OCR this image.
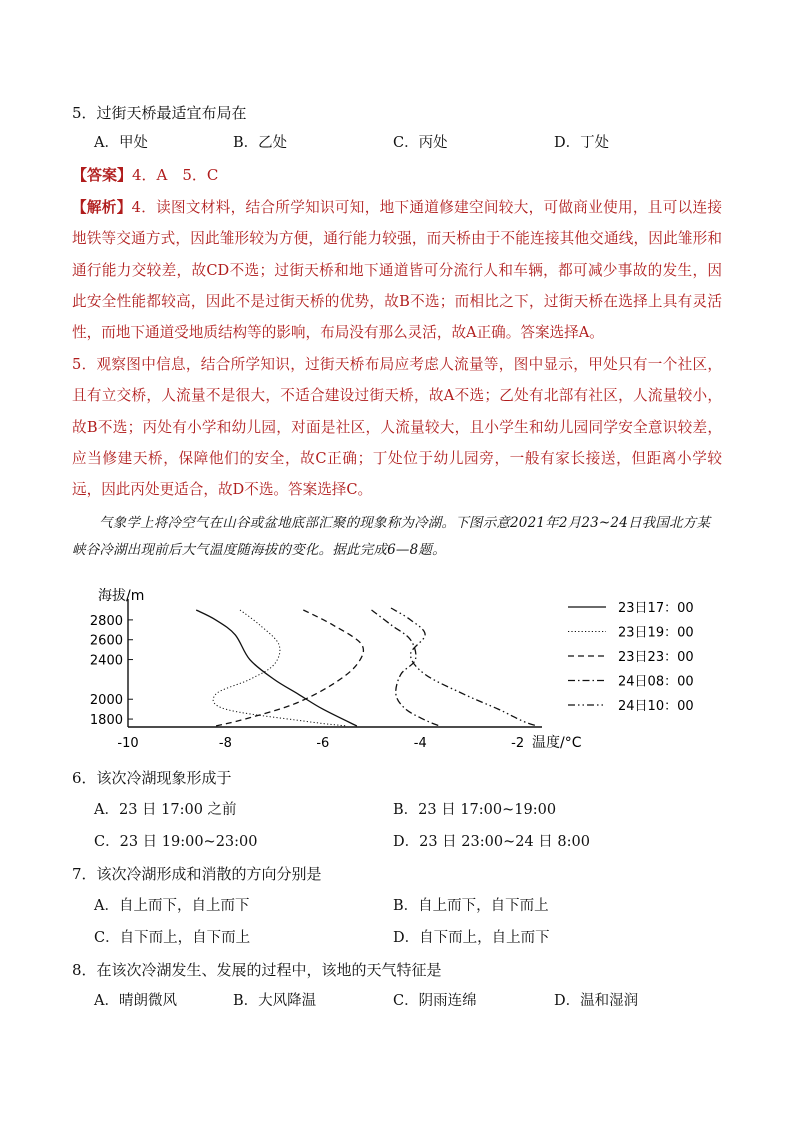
5．过街天桥最适宜布局在
A．甲处	B．乙处	C．丙处	D．丁处
【答案】4．A　5．C
【解析】4．读图文材料，结合所学知识可知，地下通道修建空间较大，可做商业使用，且可以连接地铁等交通方式，因此雏形较为方便，通行能力较强，而天桥由于不能连接其他交通线，因此雏形和通行能力交较差，故CD不选；过街天桥和地下通道皆可分流行人和车辆，都可减少事故的发生，因此安全性能都较高，因此不是过街天桥的优势，故B不选；而相比之下，过街天桥在选择上具有灵活性，而地下通道受地质结构等的影响，布局没有那么灵活，故A正确。答案选择A。
5．观察图中信息，结合所学知识，过街天桥布局应考虑人流量等，图中显示，甲处只有一个社区，且有立交桥，人流量不是很大，不适合建设过街天桥，故A不选；乙处有北部有社区，人流量较小，故B不选；丙处有小学和幼儿园，对面是社区，人流量较大，且小学生和幼儿园同学安全意识较差，应当修建天桥，保障他们的安全，故C正确；丁处位于幼儿园旁，一般有家长接送，但距离小学较远，因此丙处更适合，故D不选。答案选择C。
气象学上将冷空气在山谷或盆地底部汇聚的现象称为冷湖。下图示意2021年2月23~24日我国北方某峡谷冷湖出现前后大气温度随海拔的变化。据此完成6—8题。
海拔/m
温度/°C
2800
2600
2400
2000
1800
-10	-8	-6	-4	-2
23日17：00
23日19：00
23日23：00
24日08：00
24日10：00
6．该次冷湖现象形成于
A．23 日 17:00 之前	B．23 日 17:00~19:00
C．23 日 19:00~23:00	D．23 日 23:00~24 日 8:00
7．该次冷湖形成和消散的方向分别是
A．自上而下，自上而下	B．自上而下，自下而上
C．自下而上，自下而上	D．自下而上，自上而下
8．在该次冷湖发生、发展的过程中，该地的天气特征是
A．晴朗微风	B．大风降温	C．阴雨连绵	D．温和湿润
